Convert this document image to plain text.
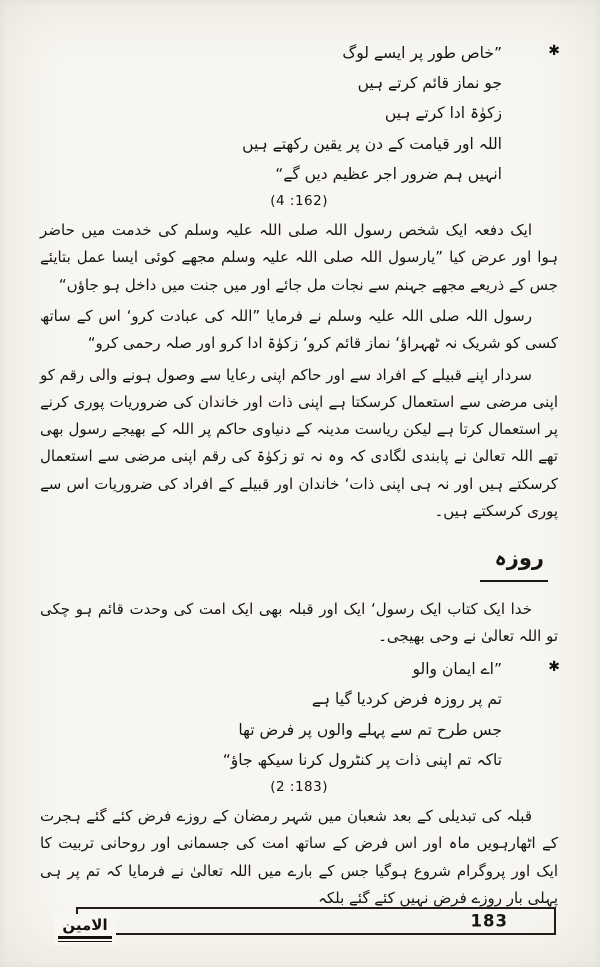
✱
”خاص طور پر ایسے لوگ
جو نماز قائم کرتے ہیں
زکوٰۃ ادا کرتے ہیں
اللہ اور قیامت کے دن پر یقین رکھتے ہیں
انہیں ہم ضرور اجر عظیم دیں گے“
(4 :162)

ایک دفعہ ایک شخص رسول اللہ صلی اللہ علیہ وسلم کی خدمت میں حاضر ہوا اور عرض کیا ”یارسول اللہ صلی اللہ علیہ وسلم مجھے کوئی ایسا عمل بتایئے جس کے ذریعے مجھے جہنم سے نجات مل جائے اور میں جنت میں داخل ہو جاؤں“

رسول اللہ صلی اللہ علیہ وسلم نے فرمایا ”اللہ کی عبادت کرو‘ اس کے ساتھ کسی کو شریک نہ ٹھہراؤ‘ نماز قائم کرو‘ زکوٰۃ ادا کرو اور صلہ رحمی کرو“

سردار اپنے قبیلے کے افراد سے اور حاکم اپنی رعایا سے وصول ہونے والی رقم کو اپنی مرضی سے استعمال کرسکتا ہے اپنی ذات اور خاندان کی ضروریات پوری کرنے پر استعمال کرتا ہے لیکن ریاست مدینہ کے دنیاوی حاکم پر اللہ کے بھیجے رسول بھی تھے اللہ تعالیٰ نے پابندی لگادی کہ وہ نہ تو زکوٰۃ کی رقم اپنی مرضی سے استعمال کرسکتے ہیں اور نہ ہی اپنی ذات‘ خاندان اور قبیلے کے افراد کی ضروریات اس سے پوری کرسکتے ہیں۔

روزہ

خدا ایک کتاب ایک رسول‘ ایک اور قبلہ بھی ایک امت کی وحدت قائم ہو چکی تو اللہ تعالیٰ نے وحی بھیجی۔

✱
”اے ایمان والو
تم پر روزہ فرض کردیا گیا ہے
جس طرح تم سے پہلے والوں پر فرض تھا
تاکہ تم اپنی ذات پر کنٹرول کرنا سیکھ جاؤ“
(2 :183)

قبلہ کی تبدیلی کے بعد شعبان میں شہر رمضان کے روزے فرض کئے گئے ہجرت کے اٹھارہویں ماہ اور اس فرض کے ساتھ امت کی جسمانی اور روحانی تربیت کا ایک اور پروگرام شروع ہوگیا جس کے بارے میں اللہ تعالیٰ نے فرمایا کہ تم پر ہی پہلی بار روزے فرض نہیں کئے گئے بلکہ

183
الامین
